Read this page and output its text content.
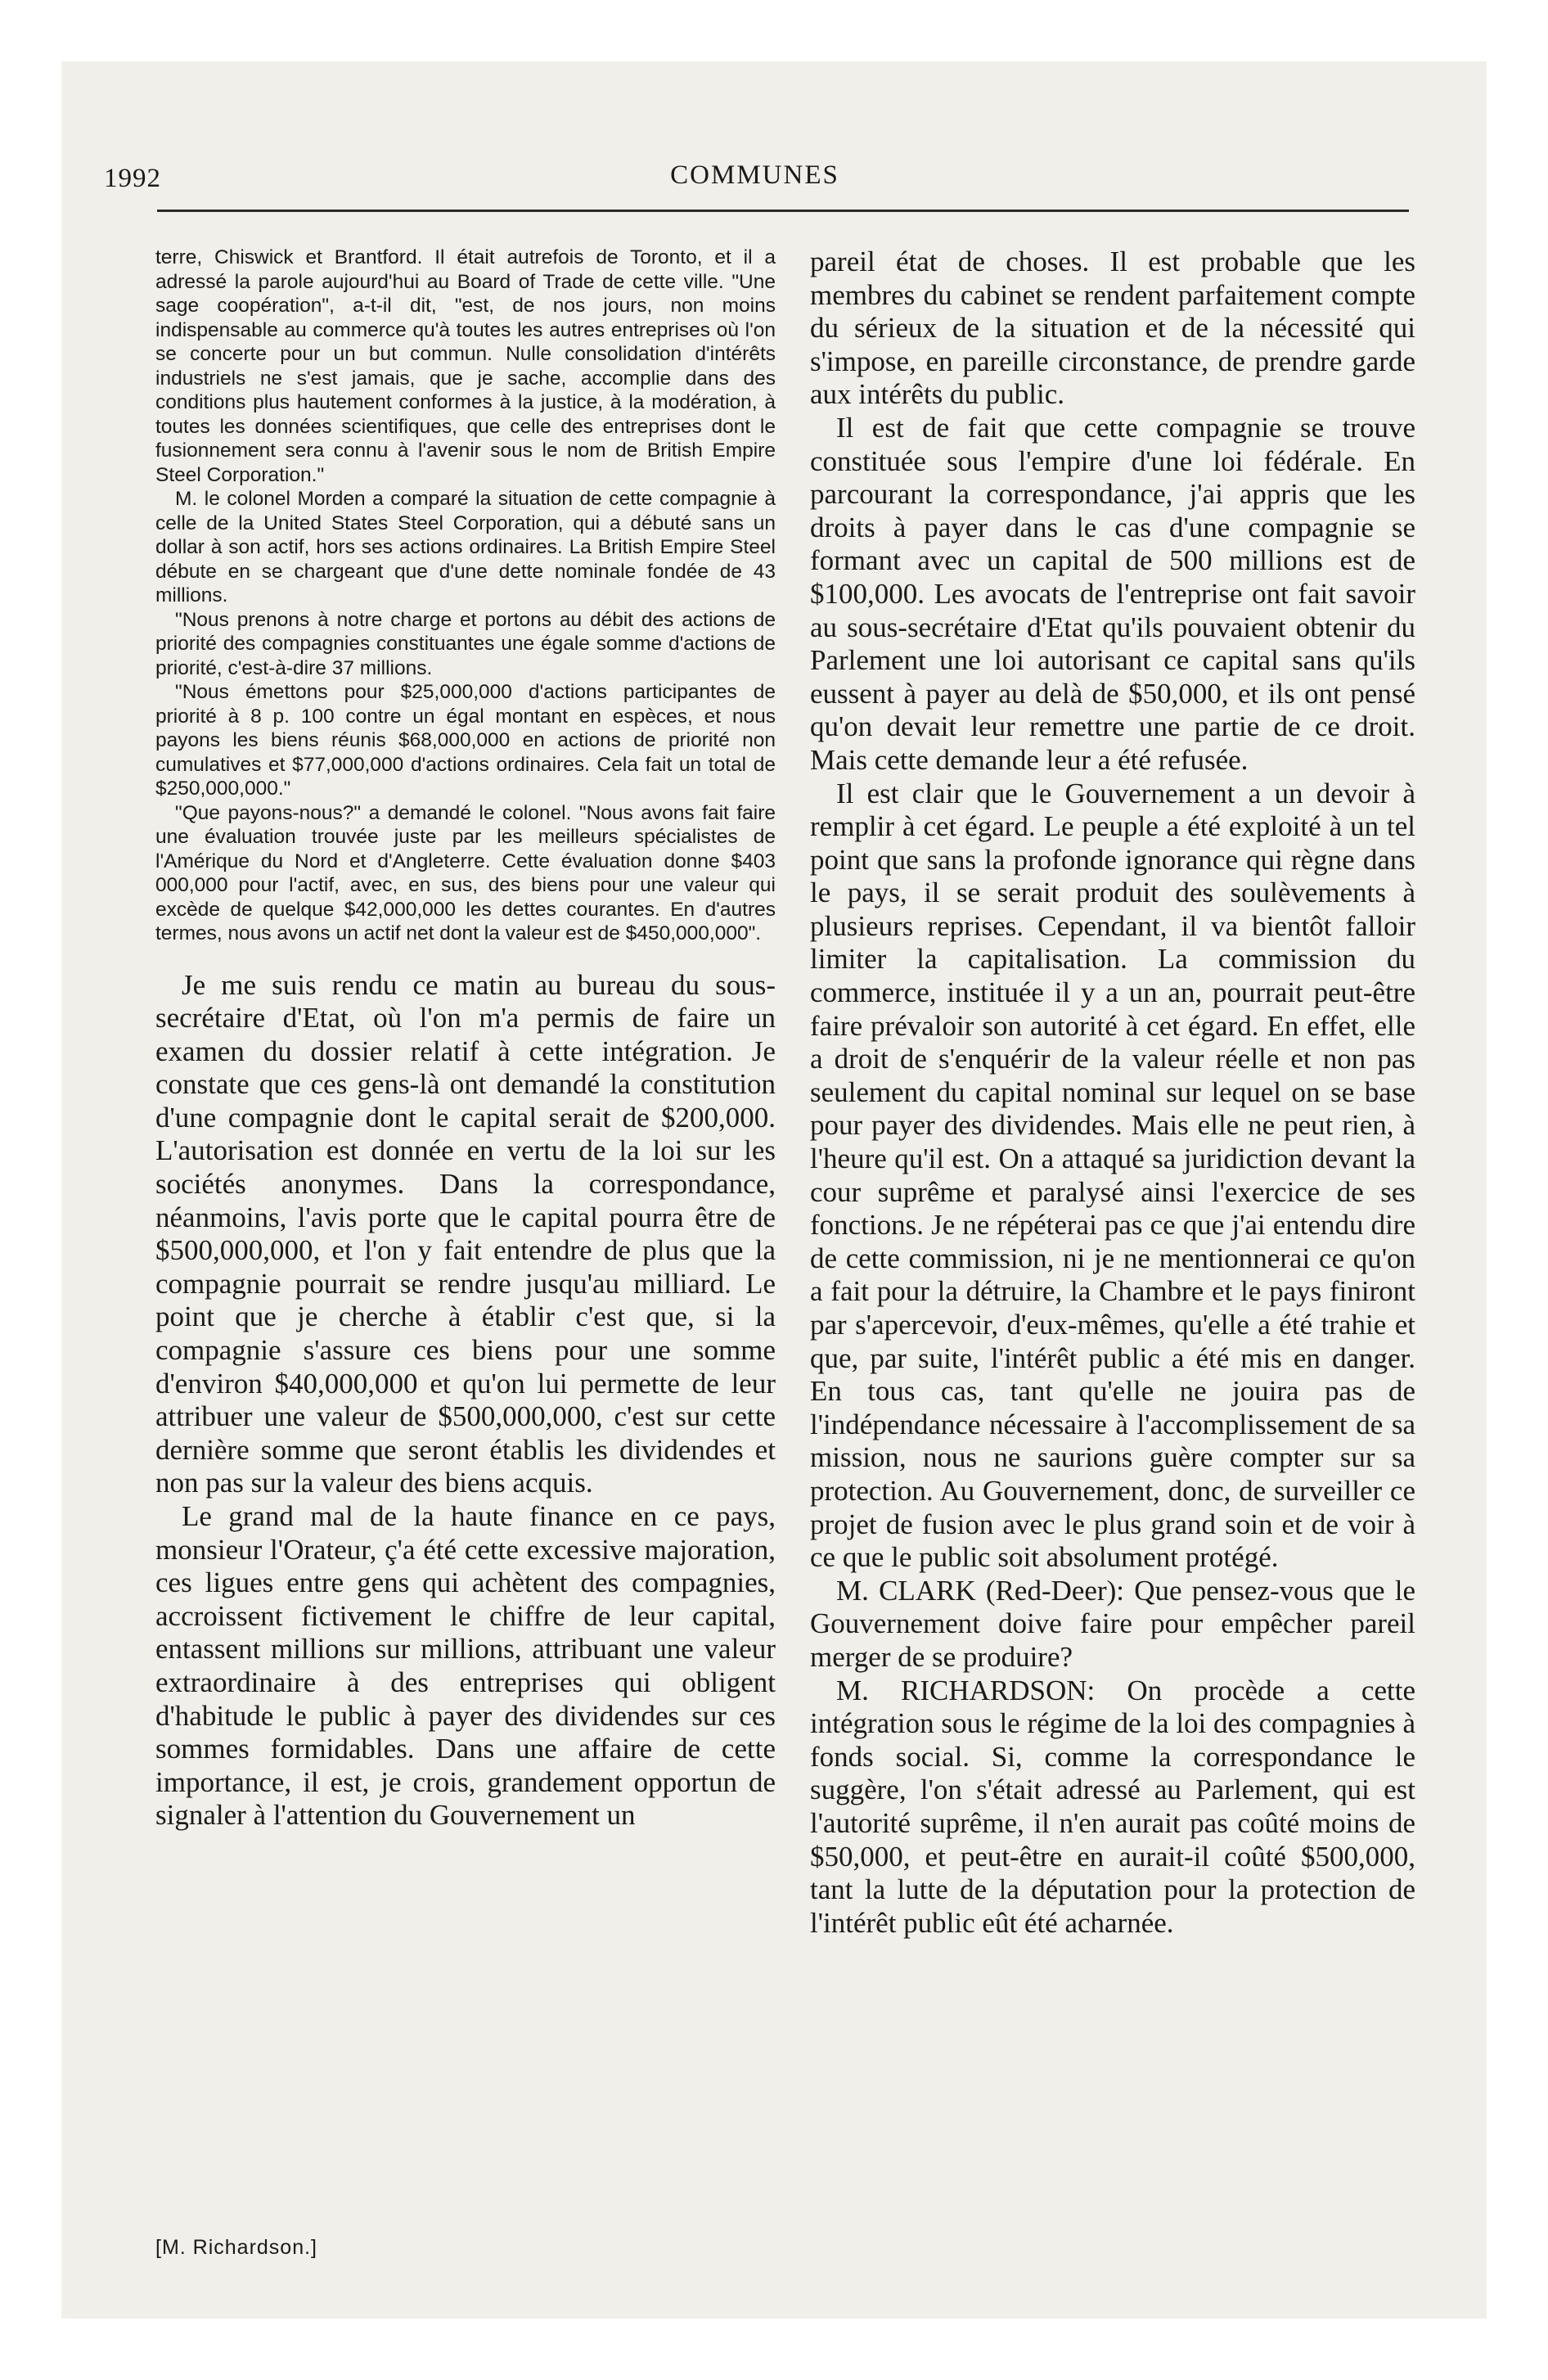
1992	COMMUNES

terre, Chiswick et Brantford. Il était autrefois de Toronto, et il a adressé la parole aujourd'hui au Board of Trade de cette ville. "Une sage coopération", a-t-il dit, "est, de nos jours, non moins indispensable au commerce qu'à toutes les autres entreprises où l'on se concerte pour un but commun. Nulle consolidation d'intérêts industriels ne s'est jamais, que je sache, accomplie dans des conditions plus hautement conformes à la justice, à la modération, à toutes les données scientifiques, que celle des entreprises dont le fusionnement sera connu à l'avenir sous le nom de British Empire Steel Corporation."

M. le colonel Morden a comparé la situation de cette compagnie à celle de la United States Steel Corporation, qui a débuté sans un dollar à son actif, hors ses actions ordinaires. La British Empire Steel débute en se chargeant que d'une dette nominale fondée de 43 millions.

"Nous prenons à notre charge et portons au débit des actions de priorité des compagnies constituantes une égale somme d'actions de priorité, c'est-à-dire 37 millions.

"Nous émettons pour $25,000,000 d'actions participantes de priorité à 8 p. 100 contre un égal montant en espèces, et nous payons les biens réunis $68,000,000 en actions de priorité non cumulatives et $77,000,000 d'actions ordinaires. Cela fait un total de $250,000,000."

"Que payons-nous?" a demandé le colonel. "Nous avons fait faire une évaluation trouvée juste par les meilleurs spécialistes de l'Amérique du Nord et d'Angleterre. Cette évaluation donne $403 000,000 pour l'actif, avec, en sus, des biens pour une valeur qui excède de quelque $42,000,000 les dettes courantes. En d'autres termes, nous avons un actif net dont la valeur est de $450,000,000".

Je me suis rendu ce matin au bureau du sous-secrétaire d'Etat, où l'on m'a permis de faire un examen du dossier relatif à cette intégration. Je constate que ces gens-là ont demandé la constitution d'une compagnie dont le capital serait de $200,000. L'autorisation est donnée en vertu de la loi sur les sociétés anonymes. Dans la correspondance, néanmoins, l'avis porte que le capital pourra être de $500,000,000, et l'on y fait entendre de plus que la compagnie pourrait se rendre jusqu'au milliard. Le point que je cherche à établir c'est que, si la compagnie s'assure ces biens pour une somme d'environ $40,000,000 et qu'on lui permette de leur attribuer une valeur de $500,000,000, c'est sur cette dernière somme que seront établis les dividendes et non pas sur la valeur des biens acquis.

Le grand mal de la haute finance en ce pays, monsieur l'Orateur, ç'a été cette excessive majoration, ces ligues entre gens qui achètent des compagnies, accroissent fictivement le chiffre de leur capital, entassent millions sur millions, attribuant une valeur extraordinaire à des entreprises qui obligent d'habitude le public à payer des dividendes sur ces sommes formidables. Dans une affaire de cette importance, il est, je crois, grandement opportun de signaler à l'attention du Gouvernement un

pareil état de choses. Il est probable que les membres du cabinet se rendent parfaitement compte du sérieux de la situation et de la nécessité qui s'impose, en pareille circonstance, de prendre garde aux intérêts du public.

Il est de fait que cette compagnie se trouve constituée sous l'empire d'une loi fédérale. En parcourant la correspondance, j'ai appris que les droits à payer dans le cas d'une compagnie se formant avec un capital de 500 millions est de $100,000. Les avocats de l'entreprise ont fait savoir au sous-secrétaire d'Etat qu'ils pouvaient obtenir du Parlement une loi autorisant ce capital sans qu'ils eussent à payer au delà de $50,000, et ils ont pensé qu'on devait leur remettre une partie de ce droit. Mais cette demande leur a été refusée.

Il est clair que le Gouvernement a un devoir à remplir à cet égard. Le peuple a été exploité à un tel point que sans la profonde ignorance qui règne dans le pays, il se serait produit des soulèvements à plusieurs reprises. Cependant, il va bientôt falloir limiter la capitalisation. La commission du commerce, instituée il y a un an, pourrait peut-être faire prévaloir son autorité à cet égard. En effet, elle a droit de s'enquérir de la valeur réelle et non pas seulement du capital nominal sur lequel on se base pour payer des dividendes. Mais elle ne peut rien, à l'heure qu'il est. On a attaqué sa juridiction devant la cour suprême et paralysé ainsi l'exercice de ses fonctions. Je ne répéterai pas ce que j'ai entendu dire de cette commission, ni je ne mentionnerai ce qu'on a fait pour la détruire, la Chambre et le pays finiront par s'apercevoir, d'eux-mêmes, qu'elle a été trahie et que, par suite, l'intérêt public a été mis en danger. En tous cas, tant qu'elle ne jouira pas de l'indépendance nécessaire à l'accomplissement de sa mission, nous ne saurions guère compter sur sa protection. Au Gouvernement, donc, de surveiller ce projet de fusion avec le plus grand soin et de voir à ce que le public soit absolument protégé.

M. CLARK (Red-Deer): Que pensez-vous que le Gouvernement doive faire pour empêcher pareil merger de se produire?

M. RICHARDSON: On procède a cette intégration sous le régime de la loi des compagnies à fonds social. Si, comme la correspondance le suggère, l'on s'était adressé au Parlement, qui est l'autorité suprême, il n'en aurait pas coûté moins de $50,000, et peut-être en aurait-il coûté $500,000, tant la lutte de la députation pour la protection de l'intérêt public eût été acharnée.

[M. Richardson.]
